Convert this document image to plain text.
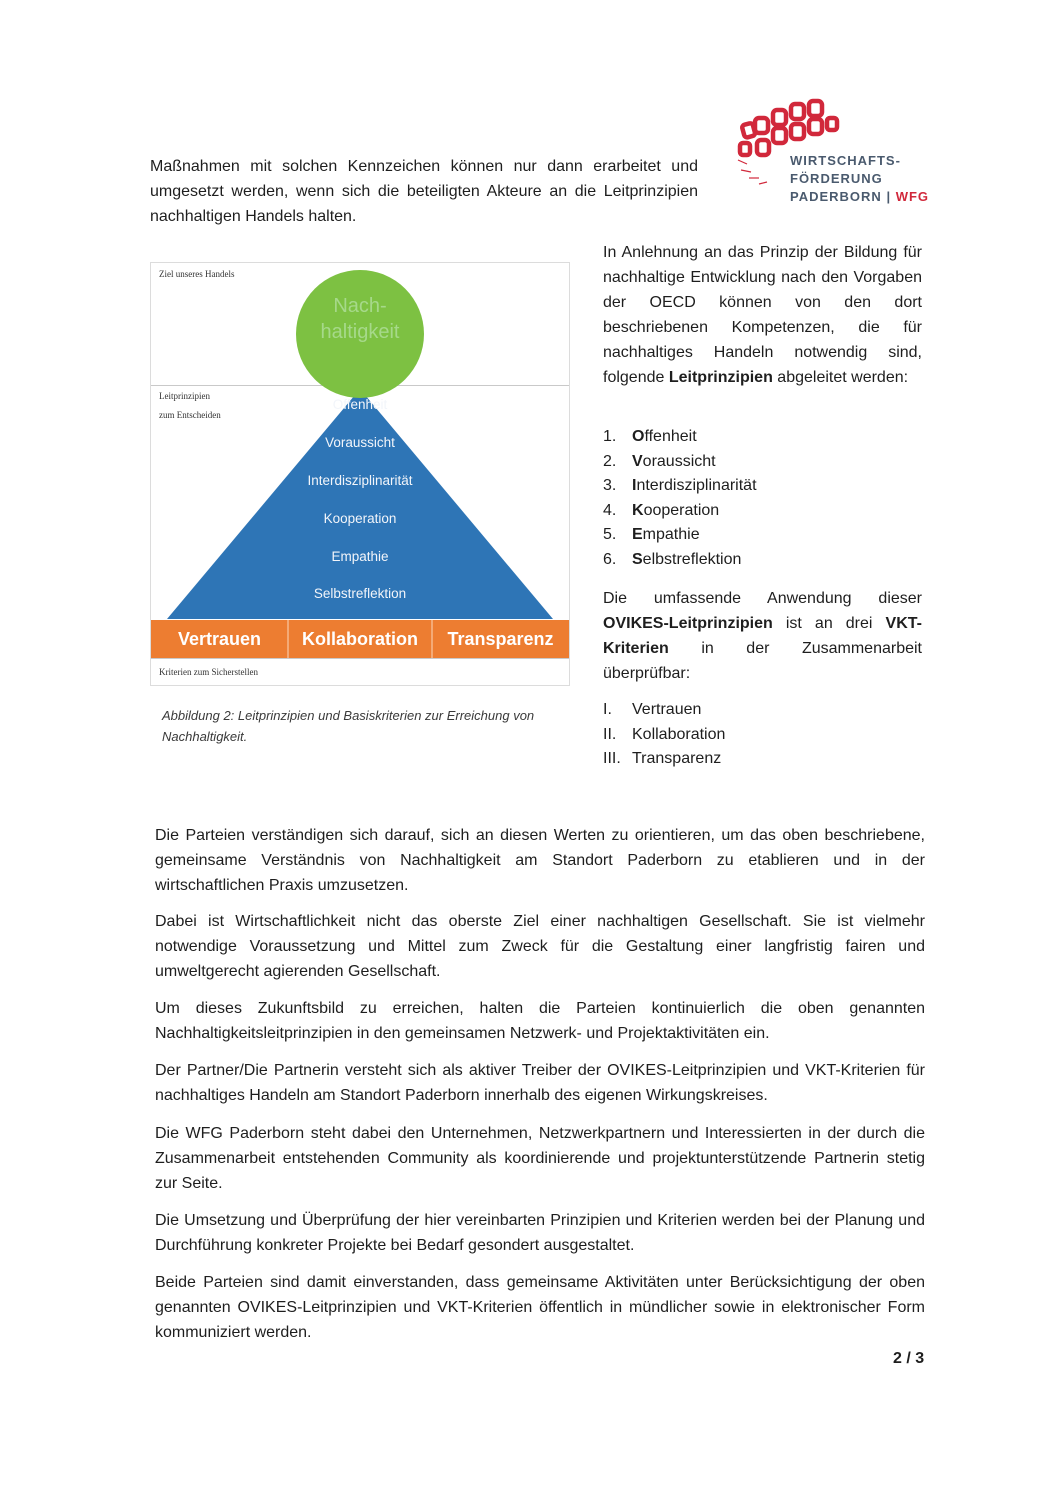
WIRTSCHAFTS-
FÖRDERUNG
PADERBORN | WFG
Maßnahmen mit solchen Kennzeichen können nur dann erarbeitet und umgesetzt werden, wenn sich die beteiligten Akteure an die Leitprinzipien nachhaltigen Handels halten.
Ziel unseres Handels
Leitprinzipien
zum Entscheiden
Kriterien zum Sicherstellen
Nach-
haltigkeit
Offenheit
Voraussicht
Interdisziplinarität
Kooperation
Empathie
Selbstreflektion
Vertrauen	Kollaboration	Transparenz
Abbildung 2: Leitprinzipien und Basiskriterien zur Erreichung von Nachhaltigkeit.
In Anlehnung an das Prinzip der Bildung für nachhaltige Entwicklung nach den Vorgaben der OECD können von den dort beschriebenen Kompetenzen, die für nachhaltiges Handeln notwendig sind, folgende Leitprinzipien abgeleitet werden:
1. Offenheit
2. Voraussicht
3. Interdisziplinarität
4. Kooperation
5. Empathie
6. Selbstreflektion
Die umfassende Anwendung dieser OVIKES-Leitprinzipien ist an drei VKT-Kriterien in der Zusammenarbeit überprüfbar:
I.	Vertrauen
II. Kollaboration
III. Transparenz
Die Parteien verständigen sich darauf, sich an diesen Werten zu orientieren, um das oben beschriebene, gemeinsame Verständnis von Nachhaltigkeit am Standort Paderborn zu etablieren und in der wirtschaftlichen Praxis umzusetzen.
Dabei ist Wirtschaftlichkeit nicht das oberste Ziel einer nachhaltigen Gesellschaft. Sie ist vielmehr notwendige Voraussetzung und Mittel zum Zweck für die Gestaltung einer langfristig fairen und umweltgerecht agierenden Gesellschaft.
Um dieses Zukunftsbild zu erreichen, halten die Parteien kontinuierlich die oben genannten Nachhaltigkeitsleitprinzipien in den gemeinsamen Netzwerk- und Projektaktivitäten ein.
Der Partner/Die Partnerin versteht sich als aktiver Treiber der OVIKES-Leitprinzipien und VKT-Kriterien für nachhaltiges Handeln am Standort Paderborn innerhalb des eigenen Wirkungskreises.
Die WFG Paderborn steht dabei den Unternehmen, Netzwerkpartnern und Interessierten in der durch die Zusammenarbeit entstehenden Community als koordinierende und projektunterstützende Partnerin stetig zur Seite.
Die Umsetzung und Überprüfung der hier vereinbarten Prinzipien und Kriterien werden bei der Planung und Durchführung konkreter Projekte bei Bedarf gesondert ausgestaltet.
Beide Parteien sind damit einverstanden, dass gemeinsame Aktivitäten unter Berücksichtigung der oben genannten OVIKES-Leitprinzipien und VKT-Kriterien öffentlich in mündlicher sowie in elektronischer Form kommuniziert werden.
2 / 3
